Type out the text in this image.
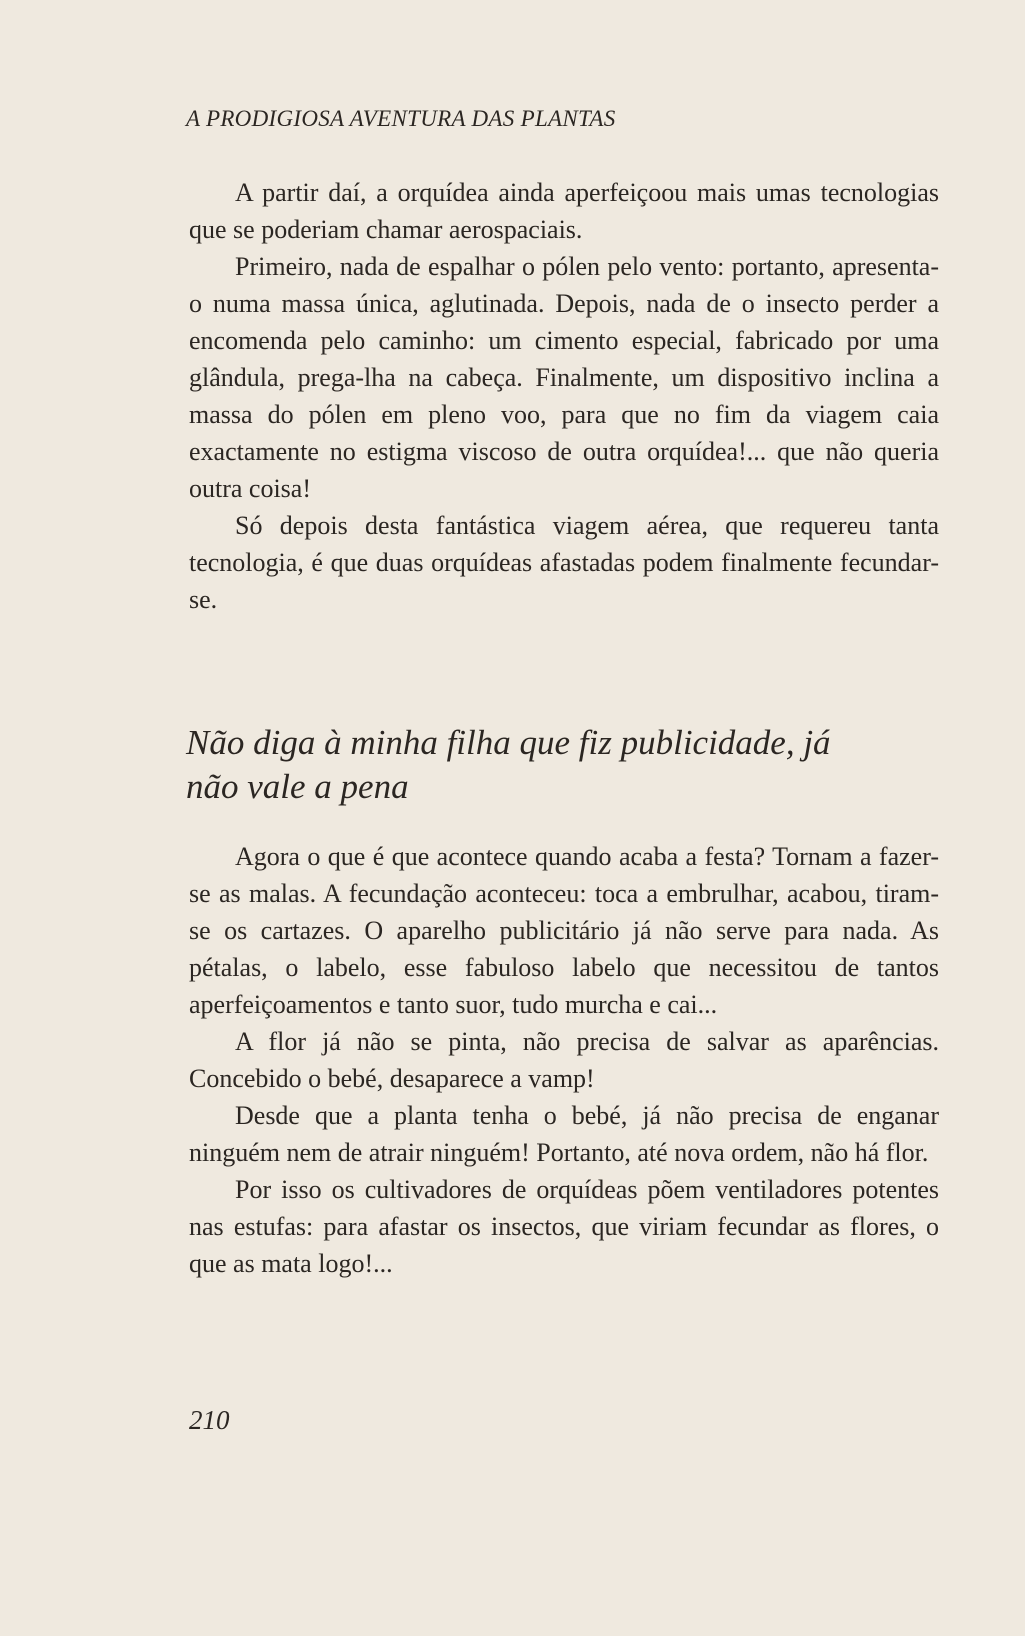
A PRODIGIOSA AVENTURA DAS PLANTAS

A partir daí, a orquídea ainda aperfeiçoou mais umas tecnologias que se poderiam chamar aerospaciais.

Primeiro, nada de espalhar o pólen pelo vento: portanto, apresenta-o numa massa única, aglutinada. Depois, nada de o insecto perder a encomenda pelo caminho: um cimento especial, fabricado por uma glândula, prega-lha na cabeça. Finalmente, um dispositivo inclina a massa do pólen em pleno voo, para que no fim da viagem caia exactamente no estigma viscoso de outra orquídea!... que não queria outra coisa!

Só depois desta fantástica viagem aérea, que requereu tanta tecnologia, é que duas orquídeas afastadas podem finalmente fecundar-se.

Não diga à minha filha que fiz publicidade, já não vale a pena

Agora o que é que acontece quando acaba a festa? Tornam a fazer-se as malas. A fecundação aconteceu: toca a embrulhar, acabou, tiram-se os cartazes. O aparelho publicitário já não serve para nada. As pétalas, o labelo, esse fabuloso labelo que necessitou de tantos aperfeiçoamentos e tanto suor, tudo murcha e cai...

A flor já não se pinta, não precisa de salvar as aparências. Concebido o bebé, desaparece a vamp!

Desde que a planta tenha o bebé, já não precisa de enganar ninguém nem de atrair ninguém! Portanto, até nova ordem, não há flor.

Por isso os cultivadores de orquídeas põem ventiladores potentes nas estufas: para afastar os insectos, que viriam fecundar as flores, o que as mata logo!...

210
